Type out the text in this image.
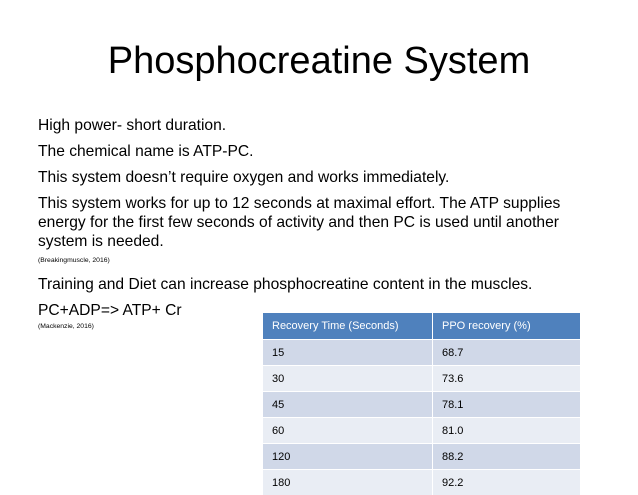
Phosphocreatine System

High power- short duration.

The chemical name is ATP-PC.

This system doesn’t require oxygen and works immediately.

This system works for up to 12 seconds at maximal effort. The ATP supplies energy for the first few seconds of activity and then PC is used until another system is needed.

(Breakingmuscle, 2016)

Training and Diet can increase phosphocreatine content in the muscles.

PC+ADP=> ATP+ Cr

(Mackenzie, 2016)	Recovery Time (Seconds)	PPO recovery (%)
15	68.7
30	73.6
45	78.1
60	81.0
120	88.2
180	92.2
